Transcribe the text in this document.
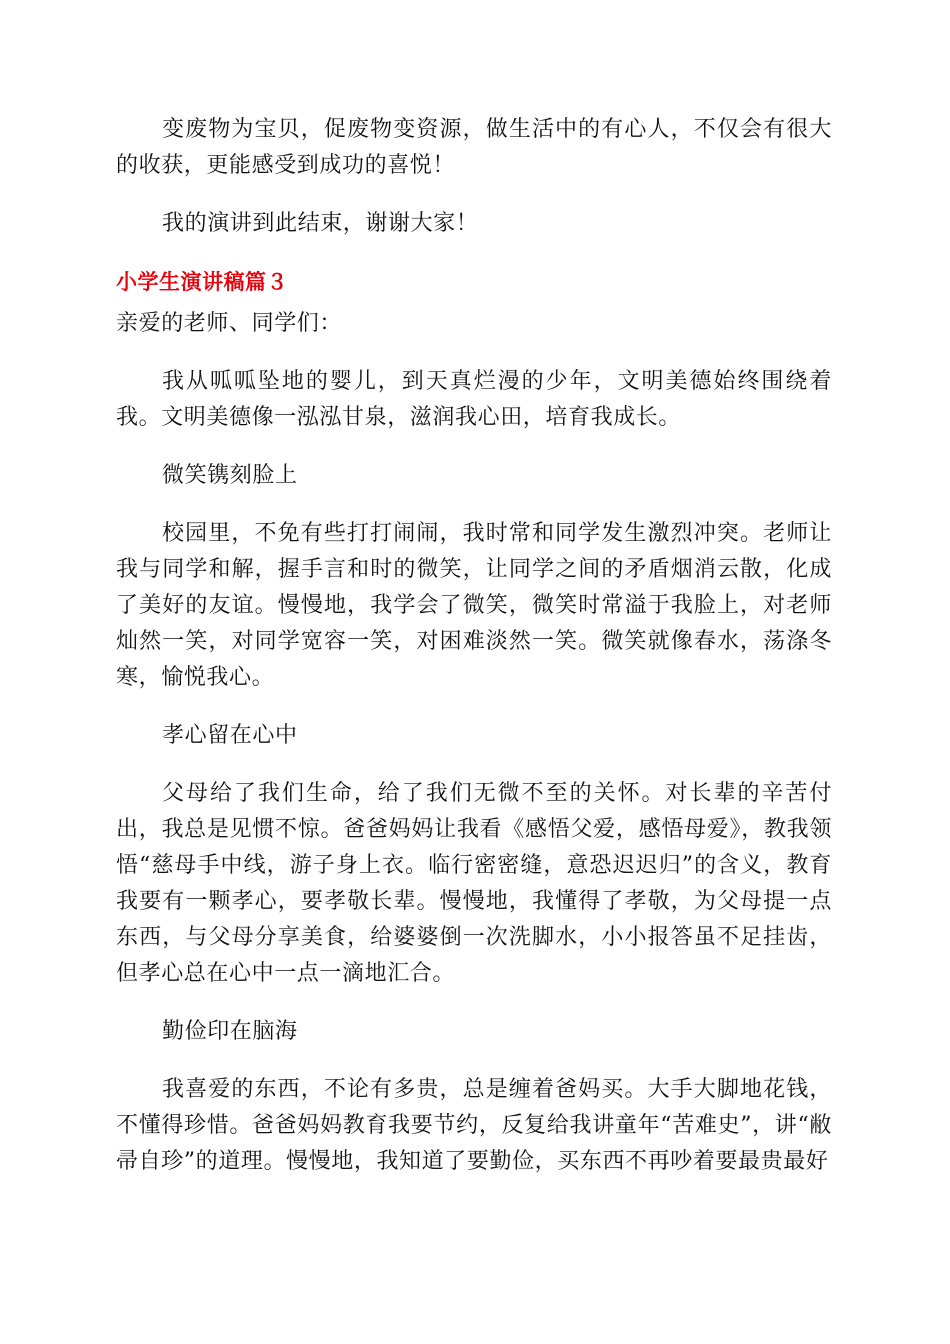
变废物为宝贝，促废物变资源，做生活中的有心人，不仅会有很大的收获，更能感受到成功的喜悦！

我的演讲到此结束，谢谢大家！

小学生演讲稿篇３

亲爱的老师、同学们：

我从呱呱坠地的婴儿，到天真烂漫的少年，文明美德始终围绕着我。文明美德像一泓泓甘泉，滋润我心田，培育我成长。

微笑镌刻脸上

校园里，不免有些打打闹闹，我时常和同学发生激烈冲突。老师让我与同学和解，握手言和时的微笑，让同学之间的矛盾烟消云散，化成了美好的友谊。慢慢地，我学会了微笑，微笑时常溢于我脸上，对老师灿然一笑，对同学宽容一笑，对困难淡然一笑。微笑就像春水，荡涤冬寒，愉悦我心。

孝心留在心中

父母给了我们生命，给了我们无微不至的关怀。对长辈的辛苦付出，我总是见惯不惊。爸爸妈妈让我看《感悟父爱，感悟母爱》，教我领悟“慈母手中线，游子身上衣。临行密密缝，意恐迟迟归”的含义，教育我要有一颗孝心，要孝敬长辈。慢慢地，我懂得了孝敬，为父母提一点东西，与父母分享美食，给婆婆倒一次洗脚水，小小报答虽不足挂齿，但孝心总在心中一点一滴地汇合。

勤俭印在脑海

我喜爱的东西，不论有多贵，总是缠着爸妈买。大手大脚地花钱，不懂得珍惜。爸爸妈妈教育我要节约，反复给我讲童年“苦难史”，讲“敝帚自珍”的道理。慢慢地，我知道了要勤俭，买东西不再吵着要最贵最好
